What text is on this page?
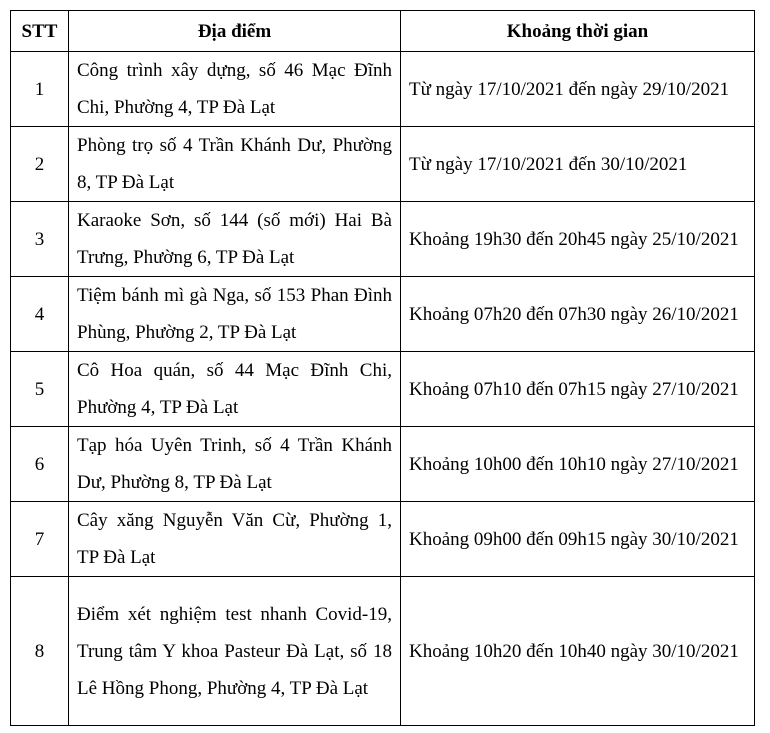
STT	Địa điểm	Khoảng thời gian
1	Công trình xây dựng, số 46 Mạc Đĩnh Chi, Phường 4, TP Đà Lạt	Từ ngày 17/10/2021 đến ngày 29/10/2021
2	Phòng trọ số 4 Trần Khánh Dư, Phường 8, TP Đà Lạt	Từ ngày 17/10/2021 đến 30/10/2021
3	Karaoke Sơn, số 144 (số mới) Hai Bà Trưng, Phường 6, TP Đà Lạt	Khoảng 19h30 đến 20h45 ngày 25/10/2021
4	Tiệm bánh mì gà Nga, số 153 Phan Đình Phùng, Phường 2, TP Đà Lạt	Khoảng 07h20 đến 07h30 ngày 26/10/2021
5	Cô Hoa quán, số 44 Mạc Đĩnh Chi, Phường 4, TP Đà Lạt	Khoảng 07h10 đến 07h15 ngày 27/10/2021
6	Tạp hóa Uyên Trinh, số 4 Trần Khánh Dư, Phường 8, TP Đà Lạt	Khoảng 10h00 đến 10h10 ngày 27/10/2021
7	Cây xăng Nguyễn Văn Cừ, Phường 1, TP Đà Lạt	Khoảng 09h00 đến 09h15 ngày 30/10/2021
8	Điểm xét nghiệm test nhanh Covid-19, Trung tâm Y khoa Pasteur Đà Lạt, số 18 Lê Hồng Phong, Phường 4, TP Đà Lạt	Khoảng 10h20 đến 10h40 ngày 30/10/2021
